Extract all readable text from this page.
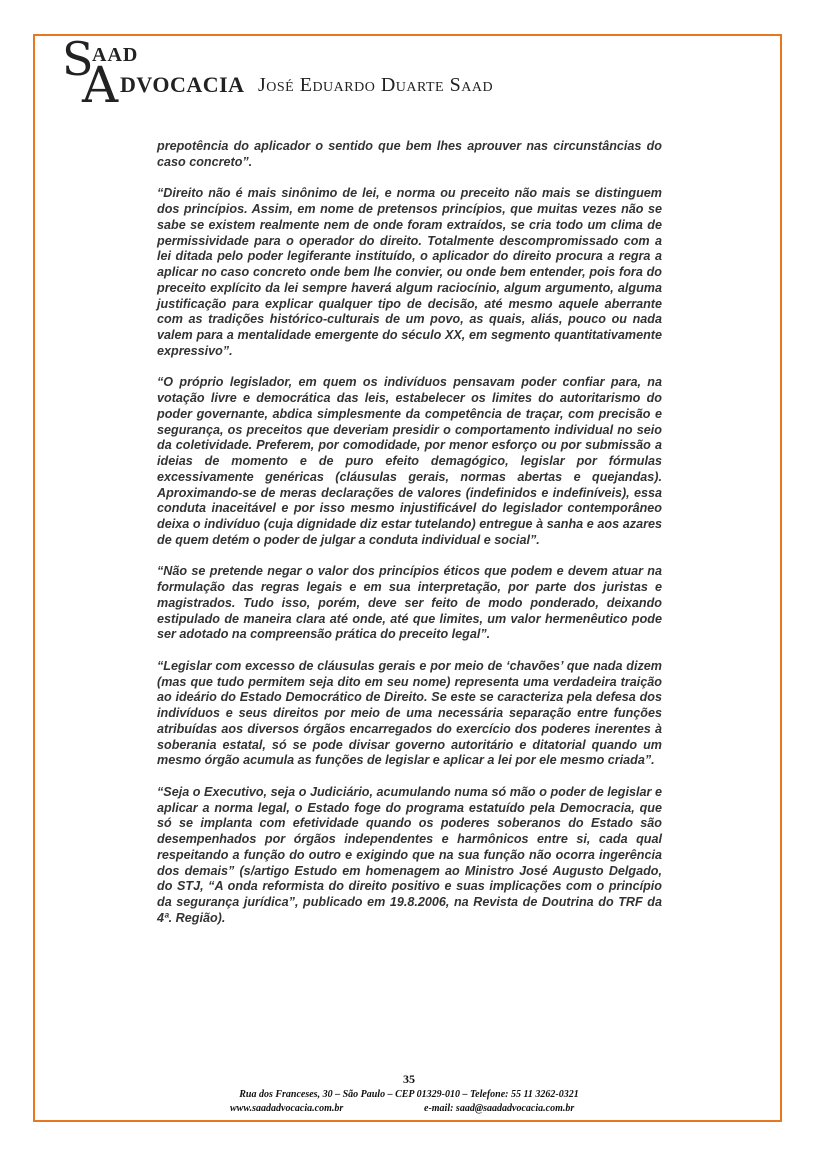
S
AAD
A DVOCACIA José Eduardo Duarte Saad

prepotência do aplicador o sentido que bem lhes aprouver nas circunstâncias do caso concreto”.

“Direito não é mais sinônimo de lei, e norma ou preceito não mais se distinguem dos princípios. Assim, em nome de pretensos princípios, que muitas vezes não se sabe se existem realmente nem de onde foram extraídos, se cria todo um clima de permissividade para o operador do direito. Totalmente descompromissado com a lei ditada pelo poder legiferante instituído, o aplicador do direito procura a regra a aplicar no caso concreto onde bem lhe convier, ou onde bem entender, pois fora do preceito explícito da lei sempre haverá algum raciocínio, algum argumento, alguma justificação para explicar qualquer tipo de decisão, até mesmo aquele aberrante com as tradições histórico-culturais de um povo, as quais, aliás, pouco ou nada valem para a mentalidade emergente do século XX, em segmento quantitativamente expressivo”.

“O próprio legislador, em quem os indivíduos pensavam poder confiar para, na votação livre e democrática das leis, estabelecer os limites do autoritarismo do poder governante, abdica simplesmente da competência de traçar, com precisão e segurança, os preceitos que deveriam presidir o comportamento individual no seio da coletividade. Preferem, por comodidade, por menor esforço ou por submissão a ideias de momento e de puro efeito demagógico, legislar por fórmulas excessivamente genéricas (cláusulas gerais, normas abertas e quejandas). Aproximando-se de meras declarações de valores (indefinidos e indefiníveis), essa conduta inaceitável e por isso mesmo injustificável do legislador contemporâneo deixa o indivíduo (cuja dignidade diz estar tutelando) entregue à sanha e aos azares de quem detém o poder de julgar a conduta individual e social”.

“Não se pretende negar o valor dos princípios éticos que podem e devem atuar na formulação das regras legais e em sua interpretação, por parte dos juristas e magistrados. Tudo isso, porém, deve ser feito de modo ponderado, deixando estipulado de maneira clara até onde, até que limites, um valor hermenêutico pode ser adotado na compreensão prática do preceito legal”.

“Legislar com excesso de cláusulas gerais e por meio de ‘chavões’ que nada dizem (mas que tudo permitem seja dito em seu nome) representa uma verdadeira traição ao ideário do Estado Democrático de Direito. Se este se caracteriza pela defesa dos indivíduos e seus direitos por meio de uma necessária separação entre funções atribuídas aos diversos órgãos encarregados do exercício dos poderes inerentes à soberania estatal, só se pode divisar governo autoritário e ditatorial quando um mesmo órgão acumula as funções de legislar e aplicar a lei por ele mesmo criada”.

“Seja o Executivo, seja o Judiciário, acumulando numa só mão o poder de legislar e aplicar a norma legal, o Estado foge do programa estatuído pela Democracia, que só se implanta com efetividade quando os poderes soberanos do Estado são desempenhados por órgãos independentes e harmônicos entre si, cada qual respeitando a função do outro e exigindo que na sua função não ocorra ingerência dos demais” (s/artigo Estudo em homenagem ao Ministro José Augusto Delgado, do STJ, “A onda reformista do direito positivo e suas implicações com o princípio da segurança jurídica”, publicado em 19.8.2006, na Revista de Doutrina do TRF da 4ª. Região).

35
Rua dos Franceses, 30 – São Paulo – CEP 01329-010 – Telefone: 55 11 3262-0321
www.saadadvocacia.com.br	e-mail: saad@saadadvocacia.com.br
